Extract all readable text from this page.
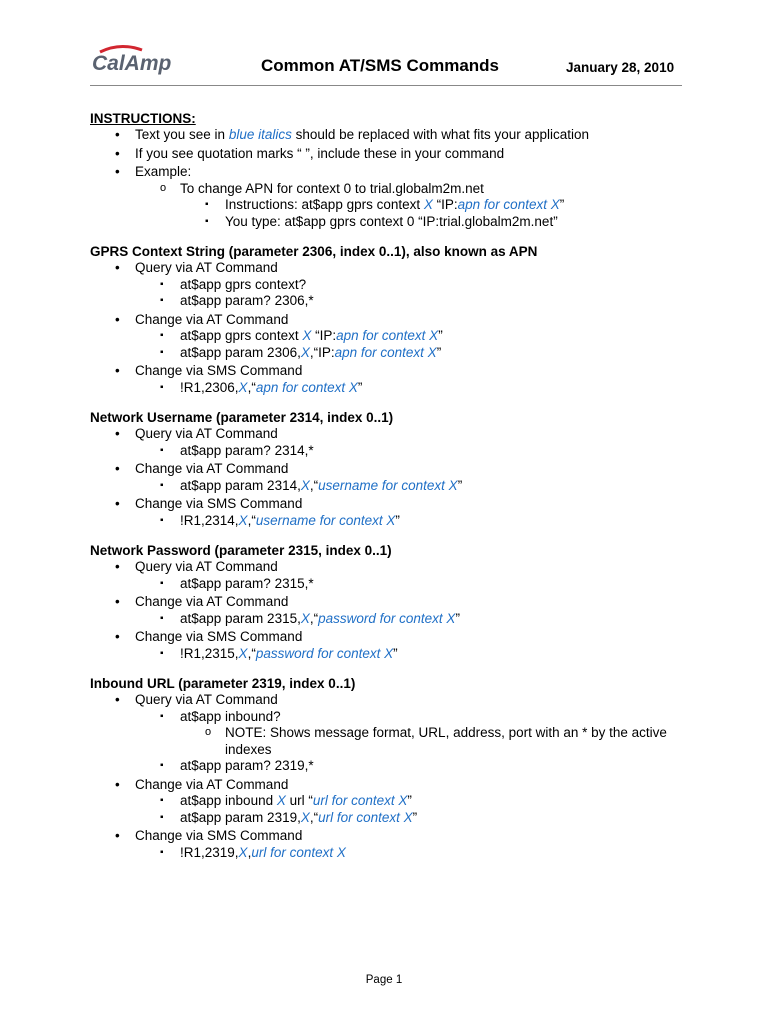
CalAmp	Common AT/SMS Commands	January 28, 2010
INSTRUCTIONS:
• Text you see in blue italics should be replaced with what fits your application
• If you see quotation marks “ ”, include these in your command
• Example:
o To change APN for context 0 to trial.globalm2m.net
▪ Instructions: at$app gprs context X “IP:apn for context X”
▪ You type: at$app gprs context 0 “IP:trial.globalm2m.net”
GPRS Context String (parameter 2306, index 0..1), also known as APN
• Query via AT Command
▪ at$app gprs context?
▪ at$app param? 2306,*
• Change via AT Command
▪ at$app gprs context X “IP:apn for context X”
▪ at$app param 2306,X,“IP:apn for context X”
• Change via SMS Command
▪ !R1,2306,X,“apn for context X”
Network Username (parameter 2314, index 0..1)
• Query via AT Command
▪ at$app param? 2314,*
• Change via AT Command
▪ at$app param 2314,X,“username for context X”
• Change via SMS Command
▪ !R1,2314,X,“username for context X”
Network Password (parameter 2315, index 0..1)
• Query via AT Command
▪ at$app param? 2315,*
• Change via AT Command
▪ at$app param 2315,X,“password for context X”
• Change via SMS Command
▪ !R1,2315,X,“password for context X”
Inbound URL (parameter 2319, index 0..1)
• Query via AT Command
▪ at$app inbound?
o NOTE: Shows message format, URL, address, port with an * by the active indexes
▪ at$app param? 2319,*
• Change via AT Command
▪ at$app inbound X url “url for context X”
▪ at$app param 2319,X,“url for context X”
• Change via SMS Command
▪ !R1,2319,X,url for context X
Page 1
